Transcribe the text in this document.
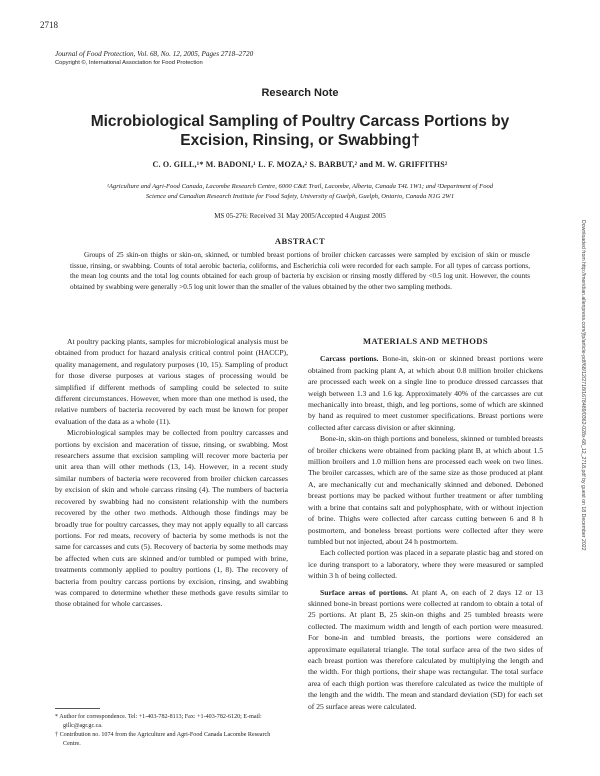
2718
Journal of Food Protection, Vol. 68, No. 12, 2005, Pages 2718–2720
Copyright ©, International Association for Food Protection
Research Note
Microbiological Sampling of Poultry Carcass Portions by
Excision, Rinsing, or Swabbing†
C. O. GILL,¹* M. BADONI,¹ L. F. MOZA,² S. BARBUT,² and M. W. GRIFFITHS²
¹Agriculture and Agri-Food Canada, Lacombe Research Centre, 6000 C&E Trail, Lacombe, Alberta, Canada T4L 1W1; and ²Department of Food
Science and Canadian Research Institute for Food Safety, University of Guelph, Guelph, Ontario, Canada N1G 2W1
MS 05-276: Received 31 May 2005/Accepted 4 August 2005
ABSTRACT
Groups of 25 skin-on thighs or skin-on, skinned, or tumbled breast portions of broiler chicken carcasses were sampled by excision of skin or muscle tissue, rinsing, or swabbing. Counts of total aerobic bacteria, coliforms, and Escherichia coli were recorded for each sample. For all types of carcass portions, the mean log counts and the total log counts obtained for each group of bacteria by excision or rinsing mostly differed by <0.5 log unit. However, the counts obtained by swabbing were generally >0.5 log unit lower than the smaller of the values obtained by the other two sampling methods.

At poultry packing plants, samples for microbiological analysis must be obtained from product for hazard analysis critical control point (HACCP), quality management, and regulatory purposes (10, 15). Sampling of product for those diverse purposes at various stages of processing would be simplified if different methods of sampling could be selected to suite different circumstances. However, when more than one method is used, the relative numbers of bacteria recovered by each must be known for proper evaluation of the data as a whole (11).

Microbiological samples may be collected from poultry carcasses and portions by excision and maceration of tissue, rinsing, or swabbing. Most researchers assume that excision sampling will recover more bacteria per unit area than will other methods (13, 14). However, in a recent study similar numbers of bacteria were recovered from broiler chicken carcasses by excision of skin and whole carcass rinsing (4). The numbers of bacteria recovered by swabbing had no consistent relationship with the numbers recovered by the other two methods. Although those findings may be broadly true for poultry carcasses, they may not apply equally to all carcass portions. For red meats, recovery of bacteria by some methods is not the same for carcasses and cuts (5). Recovery of bacteria by some methods may be affected when cuts are skinned and/or tumbled or pumped with brine, treatments commonly applied to poultry portions (1, 8). The recovery of bacteria from poultry carcass portions by excision, rinsing, and swabbing was compared to determine whether these methods gave results similar to those obtained for whole carcasses.

MATERIALS AND METHODS

Carcass portions. Bone-in, skin-on or skinned breast portions were obtained from packing plant A, at which about 0.8 million broiler chickens are processed each week on a single line to produce dressed carcasses that weigh between 1.3 and 1.6 kg. Approximately 40% of the carcasses are cut mechanically into breast, thigh, and leg portions, some of which are skinned by hand as required to meet customer specifications. Breast portions were collected after carcass division or after skinning.

Bone-in, skin-on thigh portions and boneless, skinned or tumbled breasts of broiler chickens were obtained from packing plant B, at which about 1.5 million broilers and 1.0 million hens are processed each week on two lines. The broiler carcasses, which are of the same size as those produced at plant A, are mechanically cut and mechanically skinned and deboned. Deboned breast portions may be packed without further treatment or after tumbling with a brine that contains salt and polyphosphate, with or without injection of brine. Thighs were collected after carcass cutting between 6 and 8 h postmortem, and boneless breast portions were collected after they were tumbled but not injected, about 24 h postmortem.

Each collected portion was placed in a separate plastic bag and stored on ice during transport to a laboratory, where they were measured or sampled within 3 h of being collected.

Surface areas of portions. At plant A, on each of 2 days 12 or 13 skinned bone-in breast portions were collected at random to obtain a total of 25 portions. At plant B, 25 skin-on thighs and 25 tumbled breasts were collected. The maximum width and length of each portion were measured. For bone-in and tumbled breasts, the portions were considered an approximate equilateral triangle. The total surface area of the two sides of each breast portion was therefore calculated by multiplying the length and the width. For thigh portions, their shape was rectangular. The total surface area of each thigh portion was therefore calculated as twice the multiple of the length and the width. The mean and standard deviation (SD) for each set of 25 surface areas were calculated.

* Author for correspondence. Tel: +1-403-782-8113; Fax: +1-403-782-6120; E-mail: gillc@agr.gc.ca.
† Contribution no. 1074 from the Agriculture and Agri-Food Canada Lacombe Research Centre.
Downloaded from http://meridian.allenpress.com/jfp/article-pdf/68/12/2718/1678489/0362-028x-68_12_2718.pdf by guest on 18 December 2022
